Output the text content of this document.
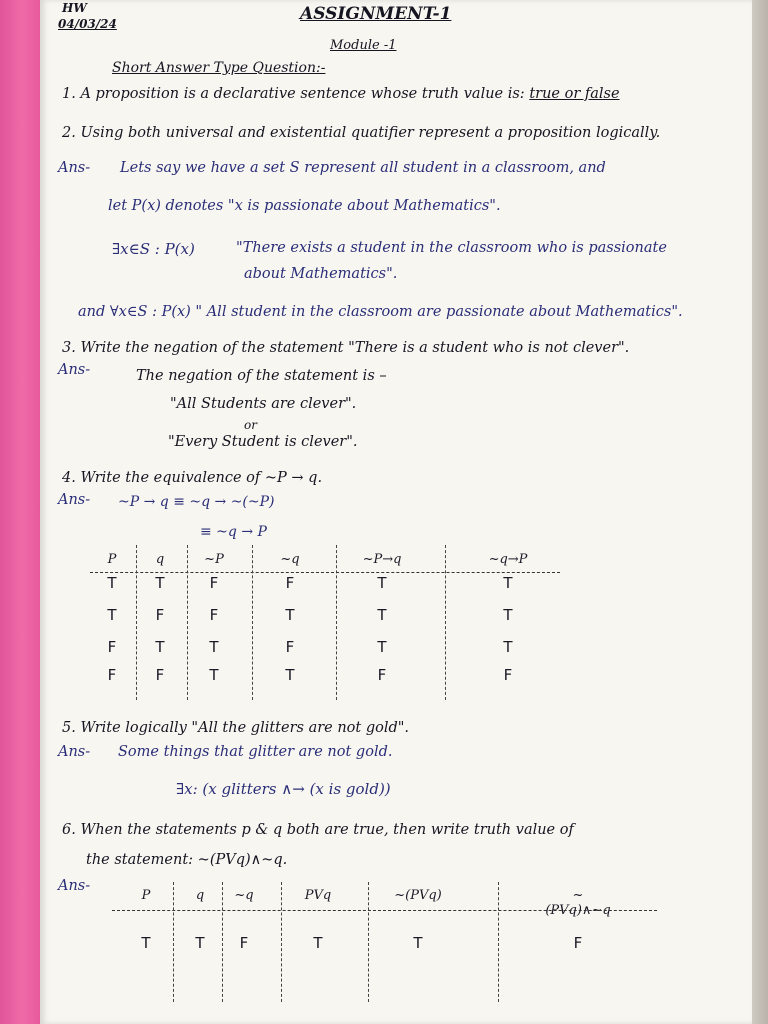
HW
04/03/24	ASSIGNMENT-1
Module -1
Short Answer Type Question:-
1. A proposition is a declarative sentence whose truth value is: true or false
2. Using both universal and existential quatifier represent a proposition logically.
Ans- Lets say we have a set S represent all student in a classroom, and
let P(x) denotes "x is passionate about Mathematics".
∃x∈S : P(x)	"There exists a student in the classroom who is passionate
about Mathematics".
and ∀x∈S : P(x) " All student in the classroom are passionate about Mathematics".
3. Write the negation of the statement "There is a student who is not clever".
Ans-	The negation of the statement is –
"All Students are clever".
or
"Every Student is clever".
4. Write the equivalence of ~P → q.
Ans- ~P → q ≡ ~q → ~(~P)
≡ ~q → P
P	q	~P	~q	~P→q	~q→P
T	T	F	F	T	T
T	F	F	T	T	T
F	T	T	F	T	T
F	F	T	T	F	F
5. Write logically "All the glitters are not gold".
Ans- Some things that glitter are not gold.
∃x: (x glitters ∧→ (x is gold))
6. When the statements p & q both are true, then write truth value of
the statement: ~(PVq)∧~q.
Ans-
P	q	~q	PVq	~(PVq)	~(PVq)∧~q
T	T	F	T	T	F
